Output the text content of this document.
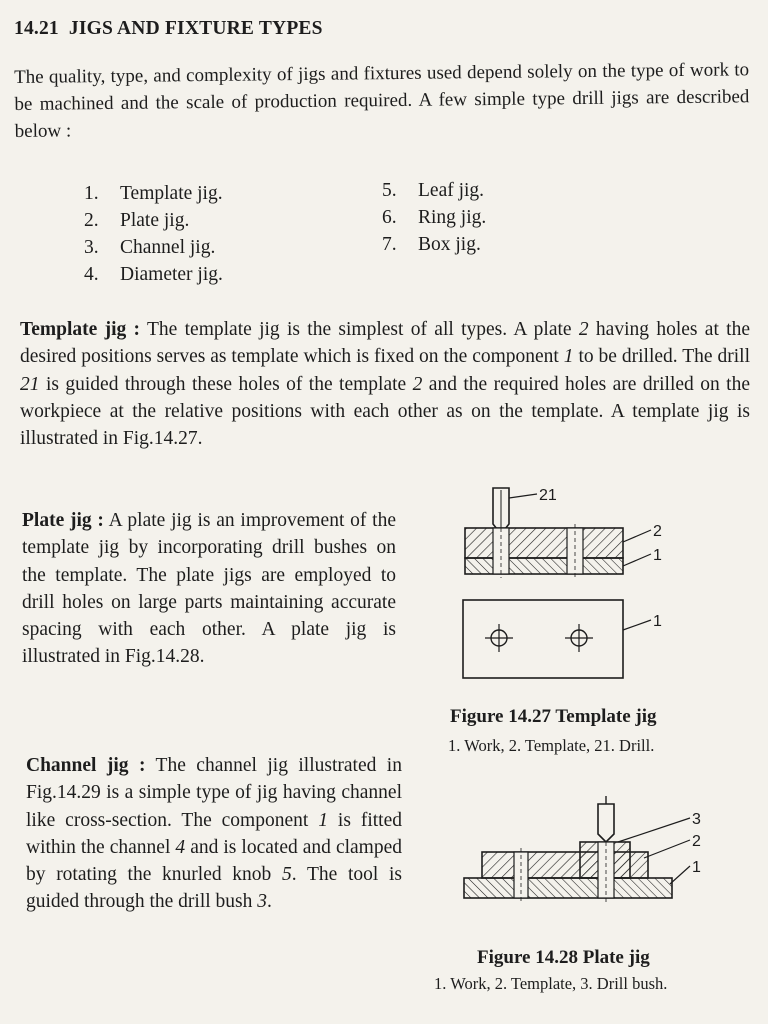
14.21 JIGS AND FIXTURE TYPES

The quality, type, and complexity of jigs and fixtures used depend solely on the type of work to be machined and the scale of production required. A few simple type drill jigs are described below :

1.	Template jig.
2.	Plate jig.
3.	Channel jig.
4.	Diameter jig.
5.	Leaf jig.
6.	Ring jig.
7.	Box jig.

Template jig : The template jig is the simplest of all types. A plate 2 having holes at the desired positions serves as template which is fixed on the component 1 to be drilled. The drill 21 is guided through these holes of the template 2 and the required holes are drilled on the workpiece at the relative positions with each other as on the template. A template jig is illustrated in Fig.14.27.

Plate jig : A plate jig is an improvement of the template jig by incorporating drill bushes on the template. The plate jigs are employed to drill holes on large parts maintaining accurate spacing with each other. A plate jig is illustrated in Fig.14.28.

Channel jig : The channel jig illustrated in Fig.14.29 is a simple type of jig having channel like cross-section. The component 1 is fitted within the channel 4 and is located and clamped by rotating the knurled knob 5. The tool is guided through the drill bush 3.

21
2
1
1
Figure 14.27 Template jig
1. Work, 2. Template, 21. Drill.
3
2
1
Figure 14.28 Plate jig
1. Work, 2. Template, 3. Drill bush.
